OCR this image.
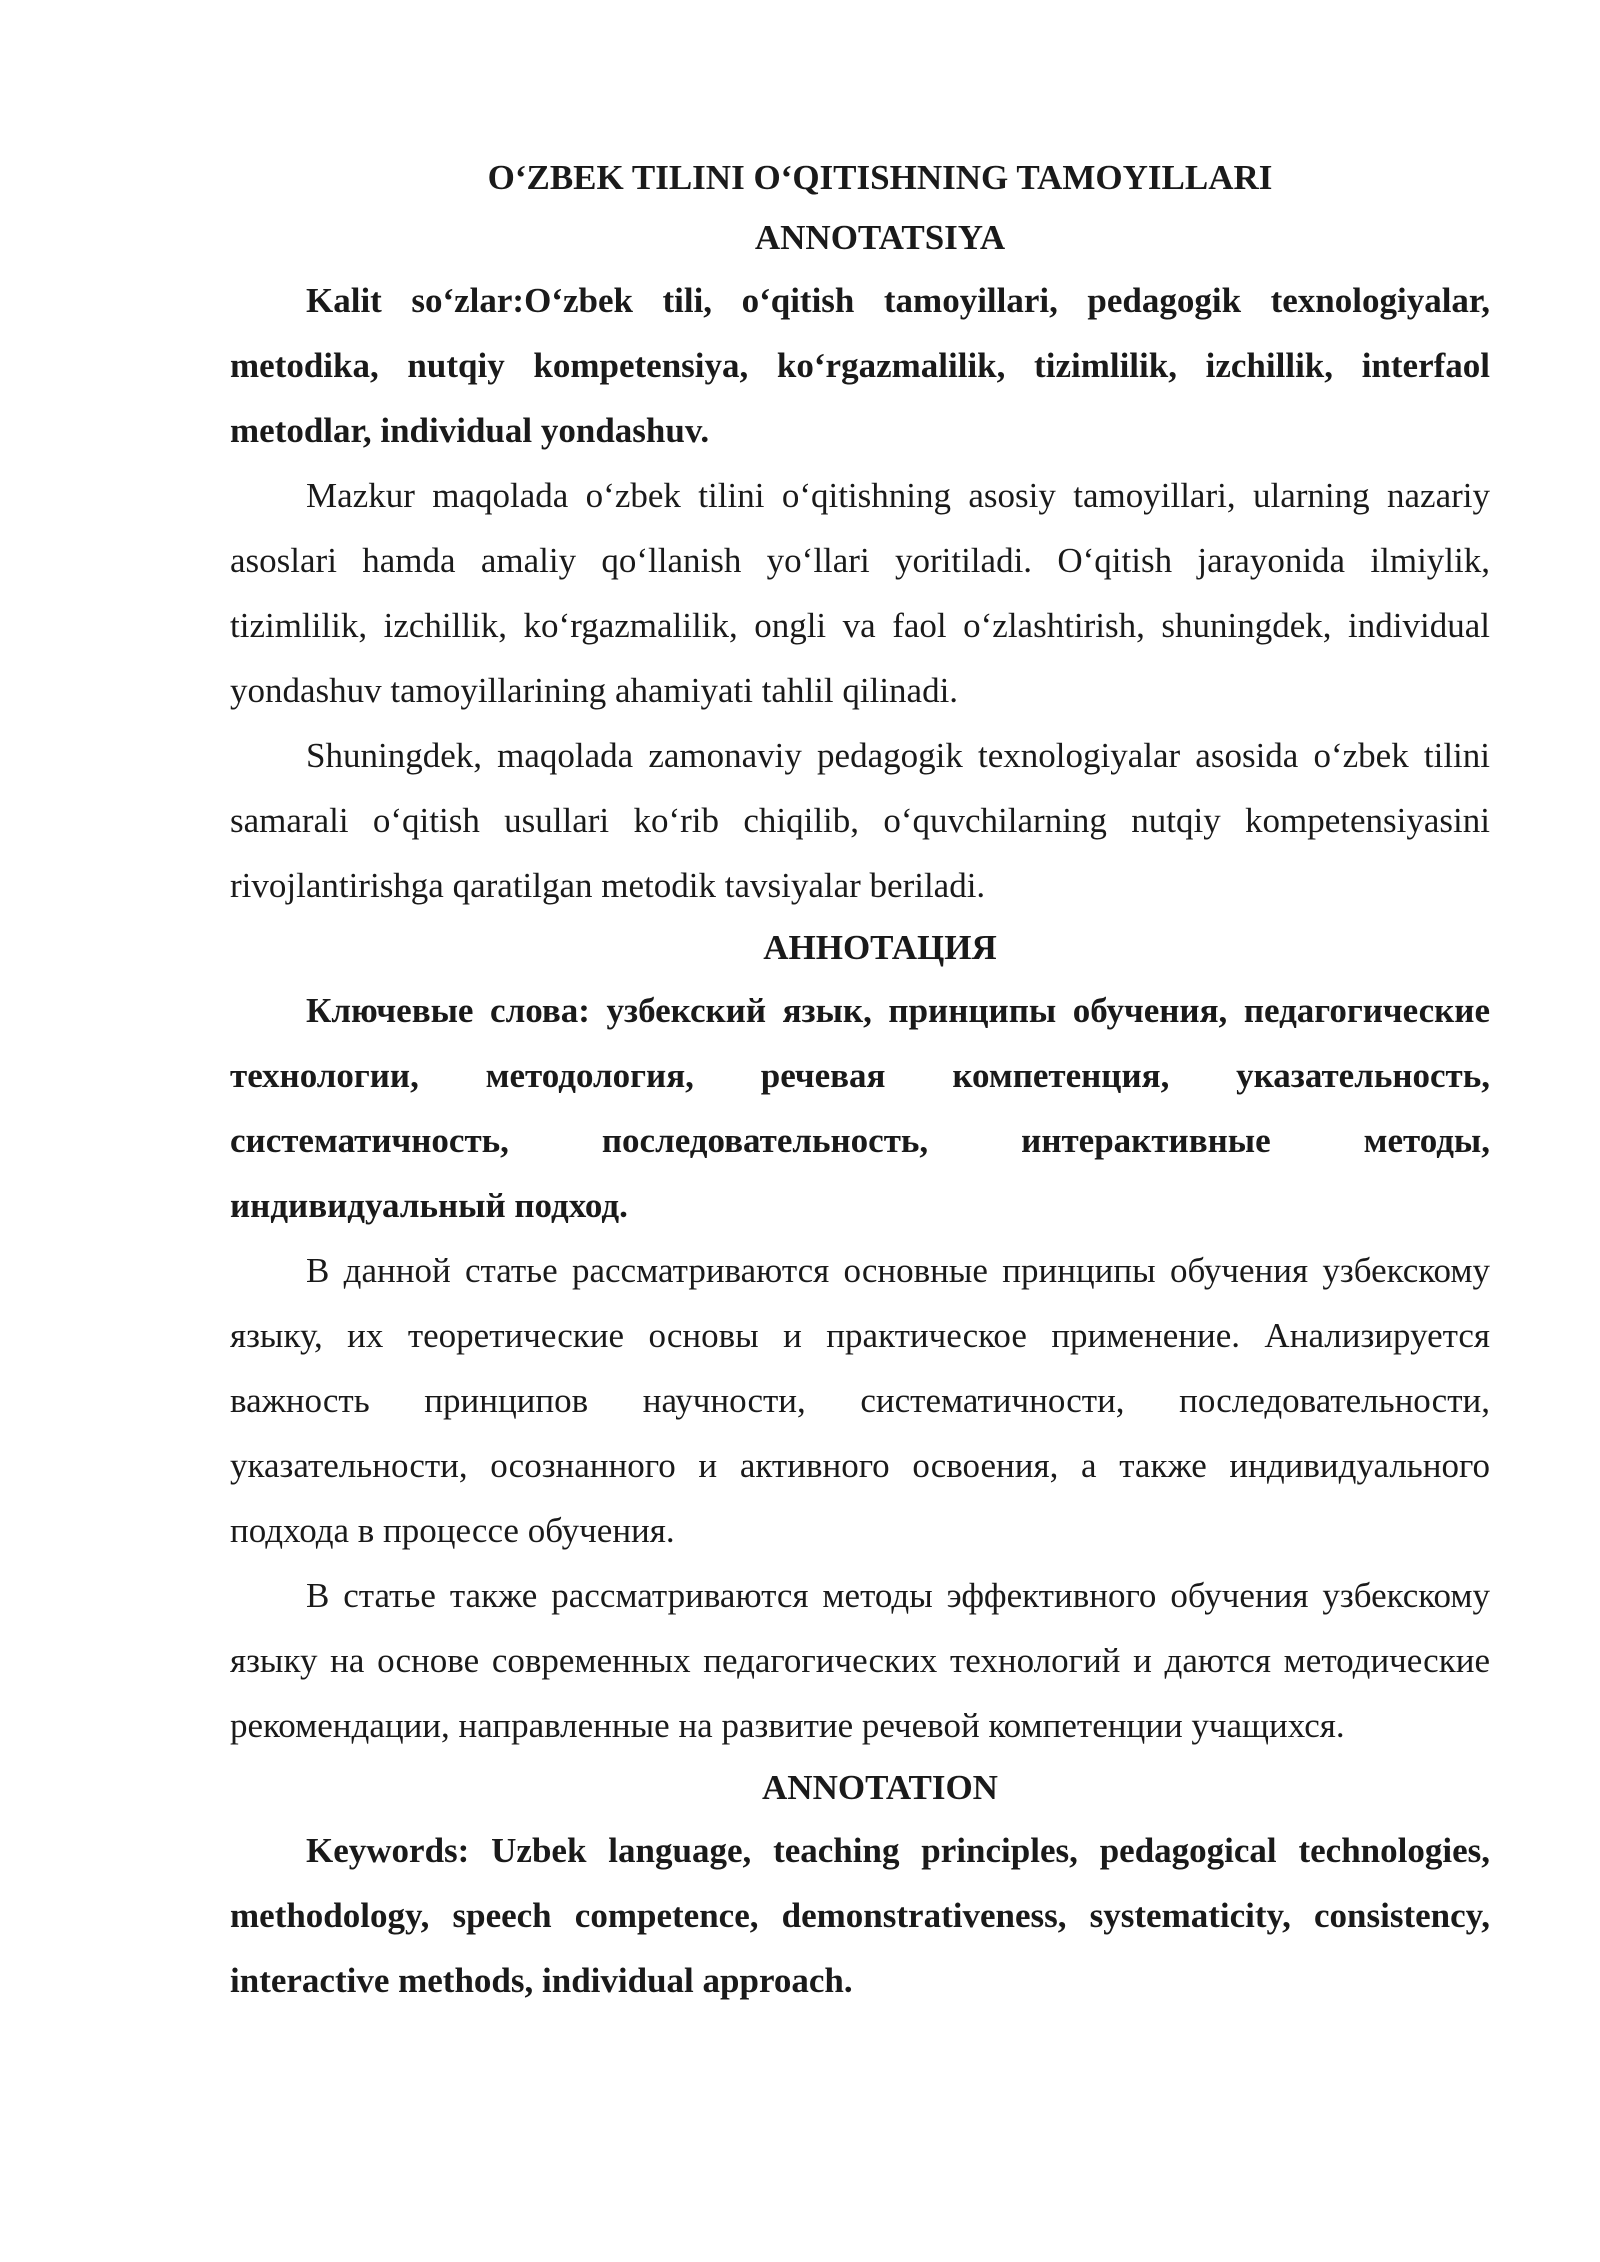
O‘ZBEK TILINI O‘QITISHNING TAMOYILLARI

ANNOTATSIYA

Kalit so‘zlar:O‘zbek tili, o‘qitish tamoyillari, pedagogik texnologiyalar, metodika, nutqiy kompetensiya, ko‘rgazmalilik, tizimlilik, izchillik, interfaol metodlar, individual yondashuv.

Mazkur maqolada o‘zbek tilini o‘qitishning asosiy tamoyillari, ularning nazariy asoslari hamda amaliy qo‘llanish yo‘llari yoritiladi. O‘qitish jarayonida ilmiylik, tizimlilik, izchillik, ko‘rgazmalilik, ongli va faol o‘zlashtirish, shuningdek, individual yondashuv tamoyillarining ahamiyati tahlil qilinadi.

Shuningdek, maqolada zamonaviy pedagogik texnologiyalar asosida o‘zbek tilini samarali o‘qitish usullari ko‘rib chiqilib, o‘quvchilarning nutqiy kompetensiyasini rivojlantirishga qaratilgan metodik tavsiyalar beriladi.

АННОТАЦИЯ

Ключевые слова: узбекский язык, принципы обучения, педагогические технологии, методология, речевая компетенция, указательность, систематичность, последовательность, интерактивные методы, индивидуальный подход.

В данной статье рассматриваются основные принципы обучения узбекскому языку, их теоретические основы и практическое применение. Анализируется важность принципов научности, систематичности, последовательности, указательности, осознанного и активного освоения, а также индивидуального подхода в процессе обучения.

В статье также рассматриваются методы эффективного обучения узбекскому языку на основе современных педагогических технологий и даются методические рекомендации, направленные на развитие речевой компетенции учащихся.

ANNOTATION

Keywords: Uzbek language, teaching principles, pedagogical technologies, methodology, speech competence, demonstrativeness, systematicity, consistency, interactive methods, individual approach.
